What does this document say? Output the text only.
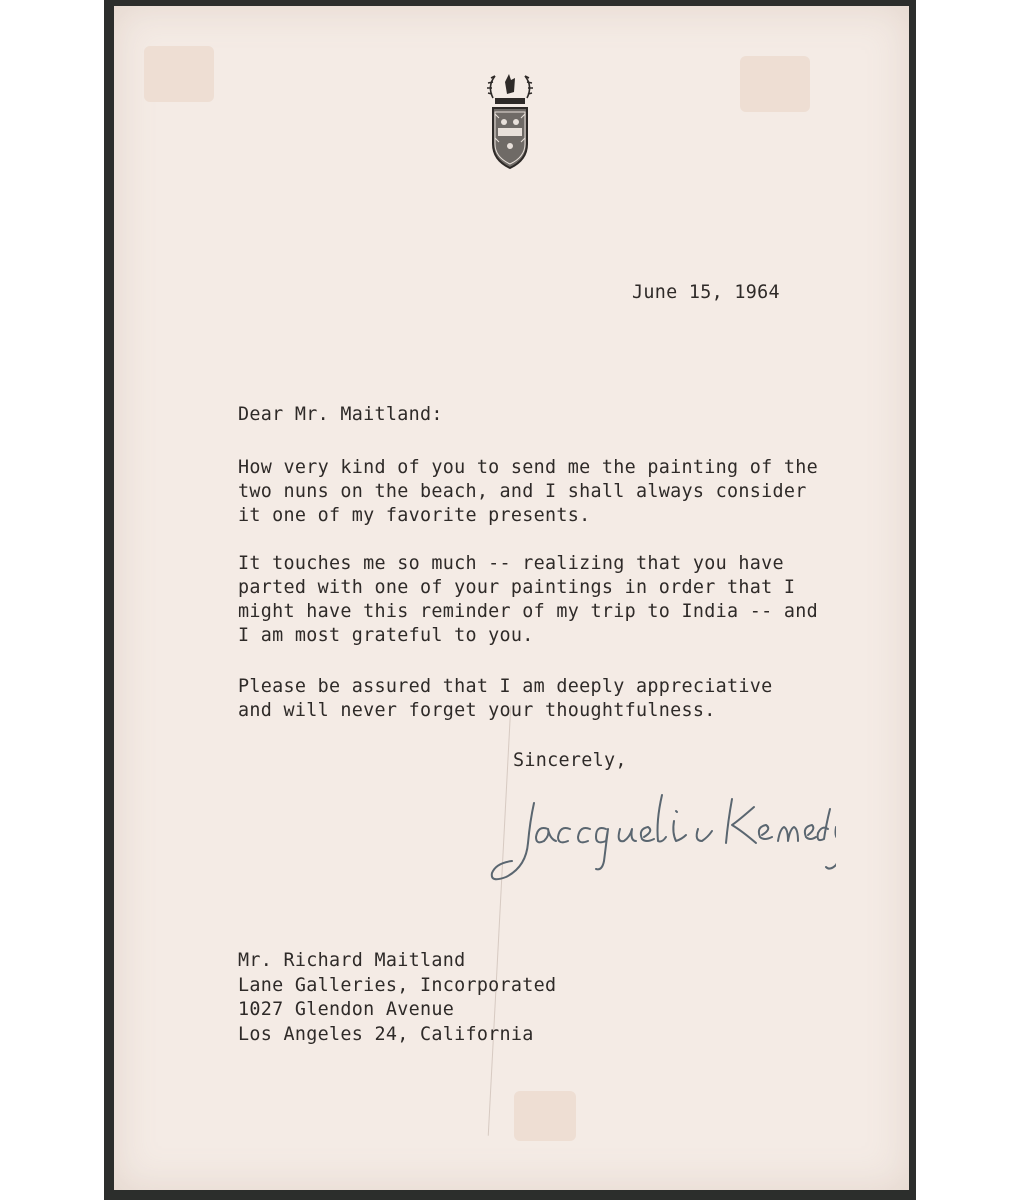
June 15, 1964

Dear Mr. Maitland:

How very kind of you to send me the painting of the
two nuns on the beach, and I shall always consider
it one of my favorite presents.
It touches me so much -- realizing that you have
parted with one of your paintings in order that I
might have this reminder of my trip to India -- and
I am most grateful to you.
Please be assured that I am deeply appreciative
and will never forget your thoughtfulness.

Sincerely,

Mr. Richard Maitland
Lane Galleries, Incorporated
1027 Glendon Avenue
Los Angeles 24, California
